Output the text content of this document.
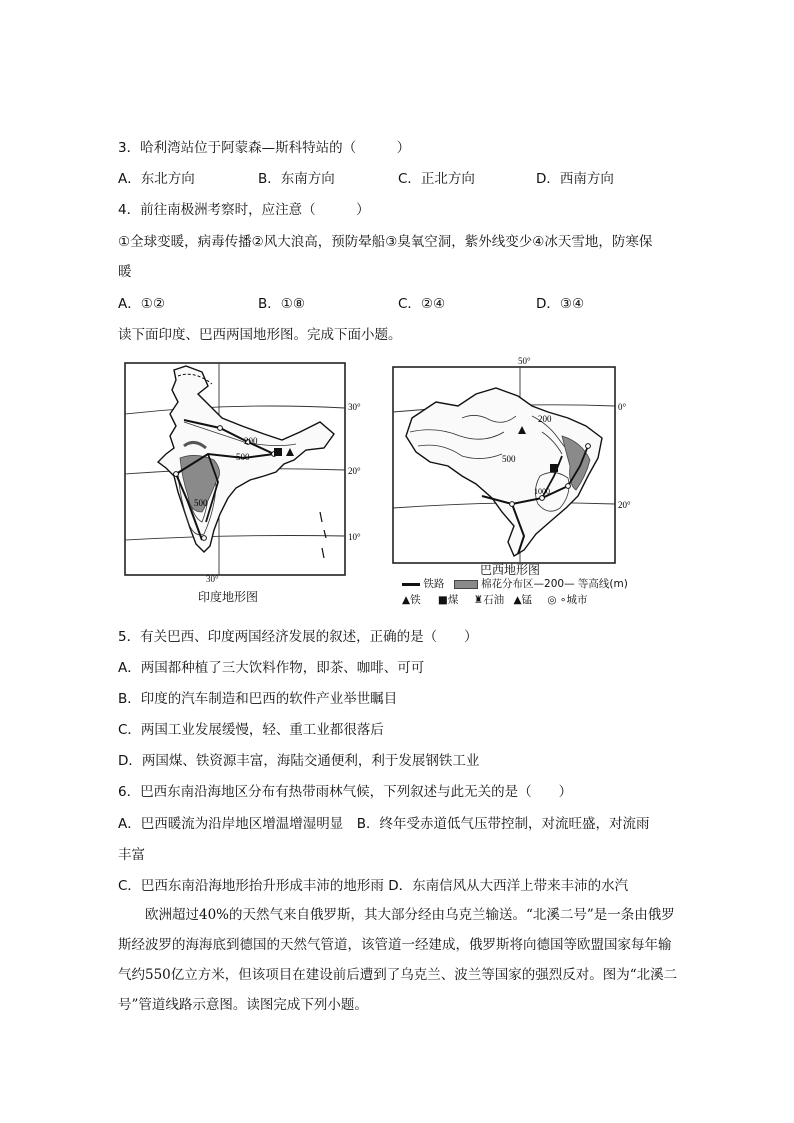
3．哈利湾站位于阿蒙森—斯科特站的（　　　）
A．东北方向	B．东南方向	C．正北方向	D．西南方向
4．前往南极洲考察时，应注意（　　　）
①全球变暖，病毒传播②风大浪高，预防晕船③臭氧空洞，紫外线变少④冰天雪地，防寒保
暖
A．①②	B．①⑧	C．②④	D．③④
读下面印度、巴西两国地形图。完成下面小题。
200
500
500
30°
20°
10°
30°
印度地形图
50°
200
500
1000
0°
20°
巴西地形图
铁路	棉花分布区—200— 等高线(m)
▲铁 ■煤 ♜石油 ▲锰 ◎ ∘城市
5．有关巴西、印度两国经济发展的叙述，正确的是（　　）
A．两国都种植了三大饮料作物，即茶、咖啡、可可
B．印度的汽车制造和巴西的软件产业举世瞩目
C．两国工业发展缓慢，轻、重工业都很落后
D．两国煤、铁资源丰富，海陆交通便利，利于发展钢铁工业
6．巴西东南沿海地区分布有热带雨林气候，下列叙述与此无关的是（　　）
A．巴西暖流为沿岸地区增温增湿明显　B．终年受赤道低气压带控制，对流旺盛，对流雨
丰富
C．巴西东南沿海地形抬升形成丰沛的地形雨 D．东南信风从大西洋上带来丰沛的水汽
　　欧洲超过40%的天然气来自俄罗斯，其大部分经由乌克兰输送。“北溪二号”是一条由俄罗斯经波罗的海海底到德国的天然气管道，该管道一经建成，俄罗斯将向德国等欧盟国家每年输气约550亿立方米，但该项目在建设前后遭到了乌克兰、波兰等国家的强烈反对。图为“北溪二号”管道线路示意图。读图完成下列小题。
